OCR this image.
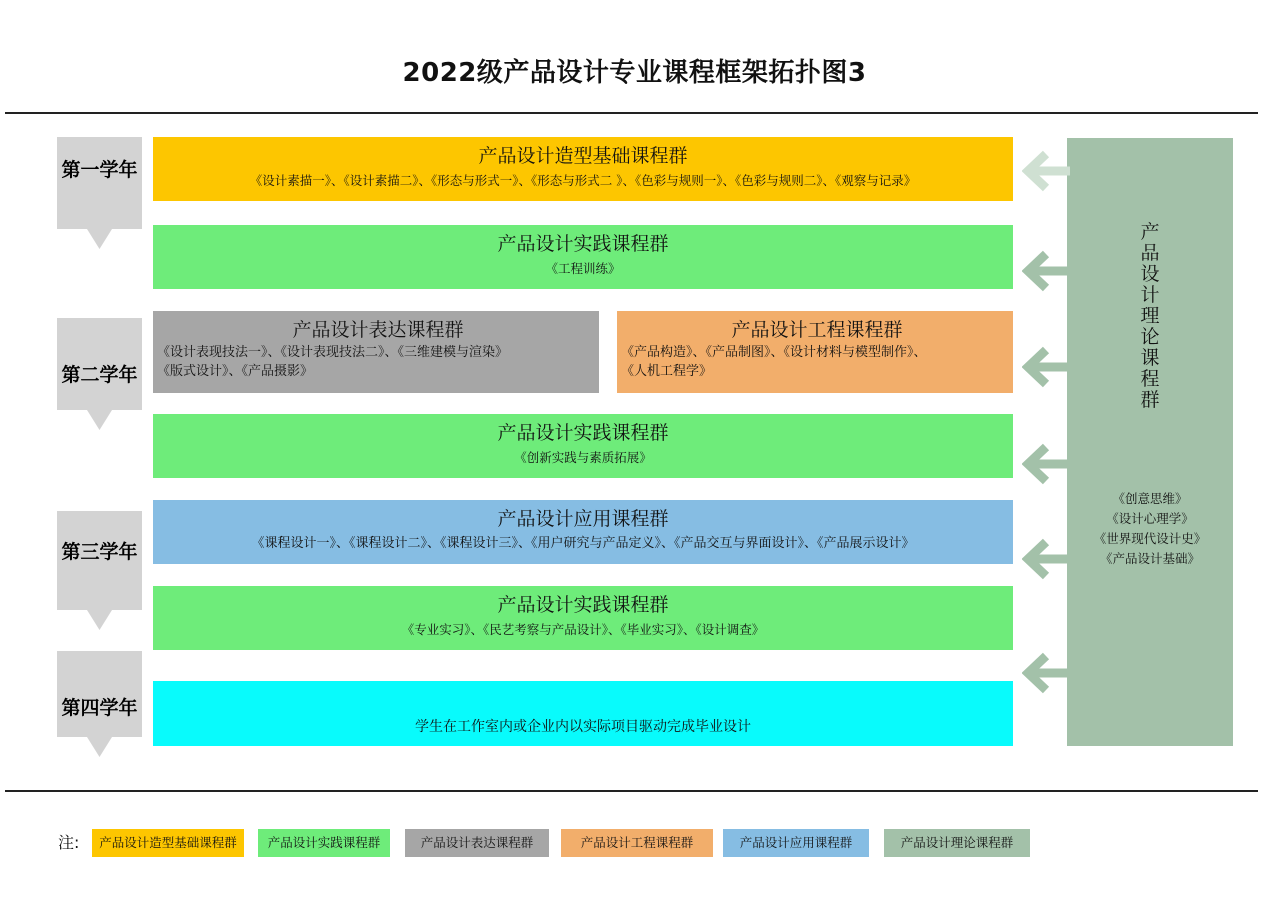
2022级产品设计专业课程框架拓扑图3
第一学年
第二学年
第三学年
第四学年
产品设计造型基础课程群
《设计素描一》、《设计素描二》、《形态与形式一》、《形态与形式二 》、《色彩与规则一》、《色彩与规则二》、《观察与记录》
产品设计实践课程群
《工程训练》
产品设计表达课程群
《设计表现技法一》、《设计表现技法二》、《三维建模与渲染》
《版式设计》、《产品摄影》
产品设计工程课程群
《产品构造》、《产品制图》、《设计材料与模型制作》、
《人机工程学》
产品设计实践课程群
《创新实践与素质拓展》
产品设计应用课程群
《课程设计一》、《课程设计二》、《课程设计三》、《用户研究与产品定义》、《产品交互与界面设计》、《产品展示设计》
产品设计实践课程群
《专业实习》、《民艺考察与产品设计》、《毕业实习》、《设计调查》
学生在工作室内或企业内以实际项目驱动完成毕业设计
产
品
设
计
理
论
课
程
群
《创意思维》
《设计心理学》
《世界现代设计史》
《产品设计基础》
注:	产品设计造型基础课程群	产品设计实践课程群	产品设计表达课程群	产品设计工程课程群	产品设计应用课程群	产品设计理论课程群
